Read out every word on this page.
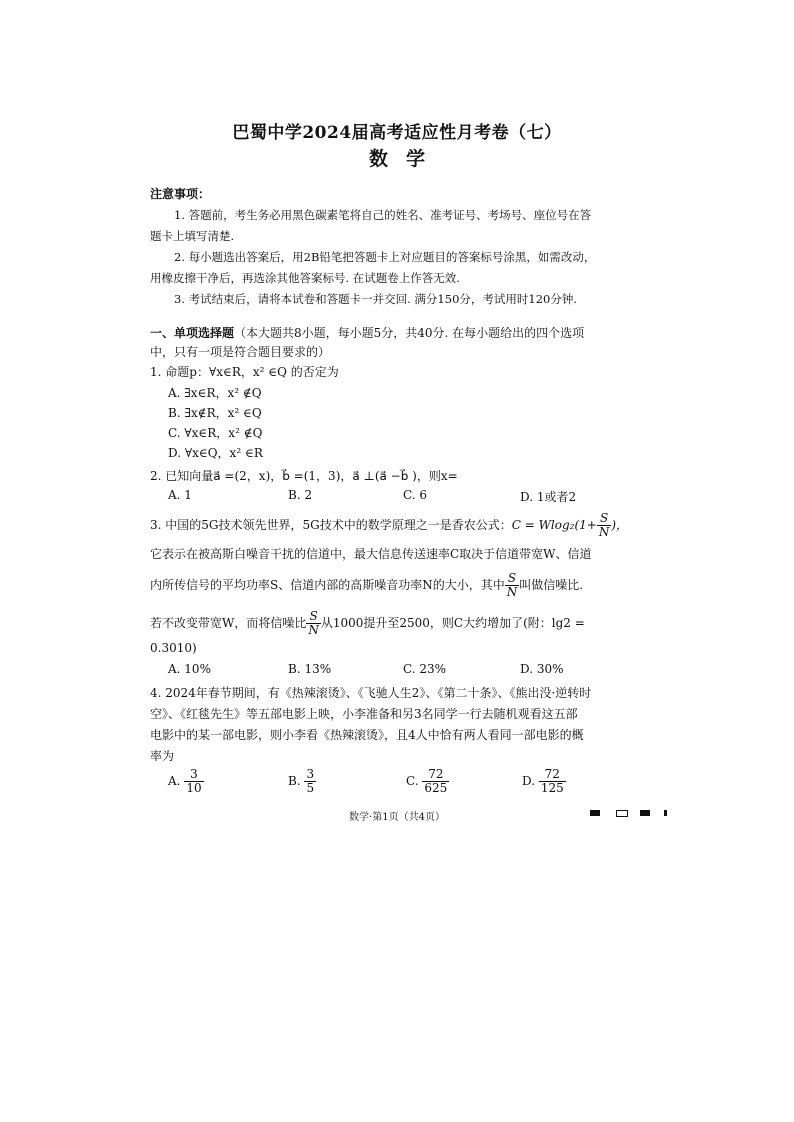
巴蜀中学2024届高考适应性月考卷（七）
数学
注意事项：
1. 答题前，考生务必用黑色碳素笔将自己的姓名、准考证号、考场号、座位号在答
题卡上填写清楚.
2. 每小题选出答案后，用2B铅笔把答题卡上对应题目的答案标号涂黑，如需改动，
用橡皮擦干净后，再选涂其他答案标号. 在试题卷上作答无效.
3. 考试结束后，请将本试卷和答题卡一并交回. 满分150分，考试用时120分钟.
一、单项选择题（本大题共8小题，每小题5分，共40分. 在每小题给出的四个选项
中，只有一项是符合题目要求的）
1. 命题p：∀x∈R，x² ∈Q 的否定为
A. ∃x∈R，x² ∉Q
B. ∃x∉R，x² ∈Q
C. ∀x∈R，x² ∉Q
D. ∀x∈Q，x² ∈R
2. 已知向量a⃗ =(2，x)，b⃗ =(1，3)，a⃗ ⊥(a⃗ −b⃗ )，则x=
A. 1	B. 2	C. 6	D. 1或者2
3. 中国的5G技术领先世界，5G技术中的数学原理之一是香农公式：$C = Wlog_2(1+ \frac{S}{N}$ )，
它表示在被高斯白噪音干扰的信道中，最大信息传送速率C取决于信道带宽W、信道
内所传信号的平均功率S、信道内部的高斯噪音功率N的大小，其中 $\frac{S}{N}$ 叫做信噪比.
若不改变带宽W，而将信噪比 $\frac{S}{N}$ 从1000提升至2500，则C大约增加了(附：lg2 =
0.3010)
A. 10%	B. 13%	C. 23%	D. 30%
4. 2024年春节期间，有《热辣滚烫》、《飞驰人生2》、《第二十条》、《熊出没·逆转时
空》、《红毯先生》等五部电影上映，小李准备和另3名同学一行去随机观看这五部
电影中的某一部电影，则小李看《热辣滚烫》，且4人中恰有两人看同一部电影的概
率为
A. $\frac{3}{10}$	B. $\frac{3}{5}$	C. $\frac{72}{625}$	D. $\frac{72}{125}$
数学·第1页（共4页）
